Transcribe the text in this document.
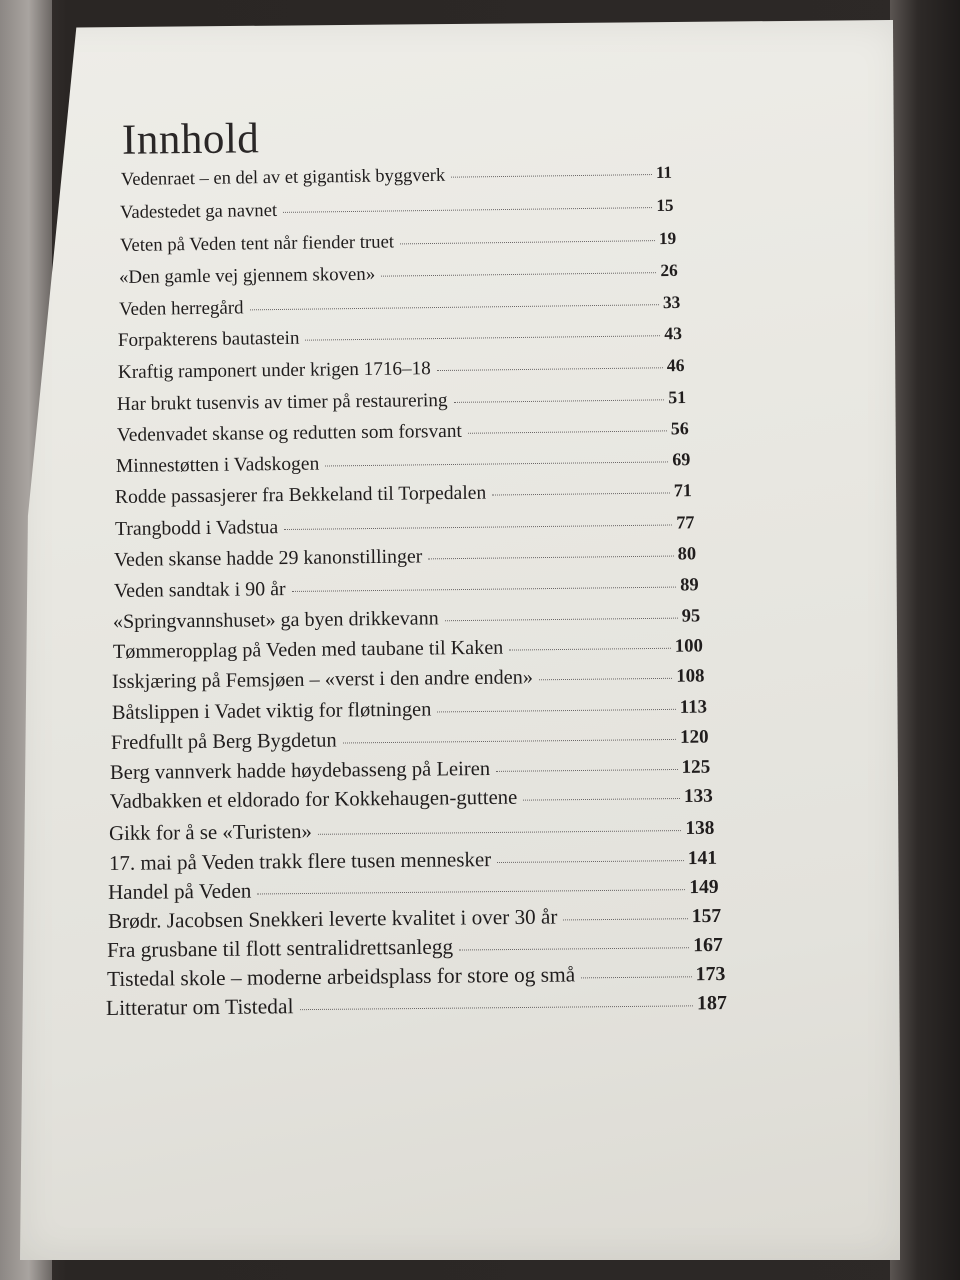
Innhold
Vedenraet – en del av et gigantisk byggverk	11
Vadestedet ga navnet	15
Veten på Veden tent når fiender truet	19
«Den gamle vej gjennem skoven»	26
Veden herregård	33
Forpakterens bautastein	43
Kraftig ramponert under krigen 1716–18	46
Har brukt tusenvis av timer på restaurering	51
Vedenvadet skanse og redutten som forsvant	56
Minnestøtten i Vadskogen	69
Rodde passasjerer fra Bekkeland til Torpedalen	71
Trangbodd i Vadstua	77
Veden skanse hadde 29 kanonstillinger	80
Veden sandtak i 90 år	89
«Springvannshuset» ga byen drikkevann	95
Tømmeropplag på Veden med taubane til Kaken	100
Isskjæring på Femsjøen – «verst i den andre enden»	108
Båtslippen i Vadet viktig for fløtningen	113
Fredfullt på Berg Bygdetun	120
Berg vannverk hadde høydebasseng på Leiren	125
Vadbakken et eldorado for Kokkehaugen-guttene	133
Gikk for å se «Turisten»	138
17. mai på Veden trakk flere tusen mennesker	141
Handel på Veden	149
Brødr. Jacobsen Snekkeri leverte kvalitet i over 30 år	157
Fra grusbane til flott sentralidrettsanlegg	167
Tistedal skole – moderne arbeidsplass for store og små	173
Litteratur om Tistedal	187
